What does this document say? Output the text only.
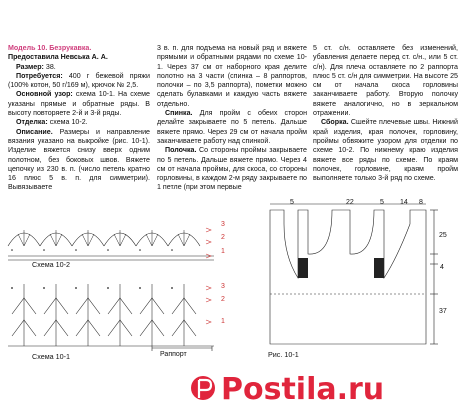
Модель 10. Безрукавка.

Предоставила Невська А. А.

Размер: 38.

Потребуется: 400 г бежевой пряжи (100% котон, 50 г/169 м), крючок № 2,5.

Основной узор: схема 10-1. На схеме указаны прямые и обратные ряды. В высоту повторяете 2-й и 3-й ряды.

Отделка: схема 10-2.

Описание. Размеры и направление вязания указано на выкройке (рис. 10-1). Изделие вяжется снизу вверх одним полотном, без боковых швов. Вяжете цепочку из 230 в. п. (число петель кратно 16 плюс 5 в. п. для симметрии). Вывязываете

3 в. п. для подъема на новый ряд и вяжете прямыми и обратными рядами по схеме 10-1. Через 37 см от наборного края делите полотно на 3 части (спинка – 8 раппортов, полочки – по 3,5 раппорта), пометки можно сделать булавками и каждую часть вяжете отдельно.

Спинка. Для пройм с обеих сторон делайте закрываете по 5 петель. Дальше вяжете прямо. Через 29 см от начала пройм заканчиваете работу над спинкой.

Полочка. Со стороны проймы закрываете по 5 петель. Дальше вяжете прямо. Через 4 см от начала проймы, для скоса, со стороны горловины, в каждом 2-м ряду закрываете по 1 петле (при этом первые

5 ст. с/н. оставляете без изменений, убавления делаете перед ст. с/н., или 5 ст. с/н). Для плеча оставляете по 2 раппорта плюс 5 ст. с/н для симметрии. На высоте 25 см от начала скоса горловины заканчиваете работу. Вторую полочку вяжете аналогично, но в зеркальном отражении.

Сборка. Сшейте плечевые швы. Нижний край изделия, края полочек, горловину, проймы обвяжите узором для отделки по схеме 10-2. По нижнему краю изделия вяжете все ряды по схеме. По краям полочек, горловине, краям пройм выполняете только 3-й ряд по схеме.

3
2
1
Схема 10-2
3
2
1
Раппорт
Схема 10-1
5	22	5 14 8
25
4
37
Рис. 10-1
Postila.ru
